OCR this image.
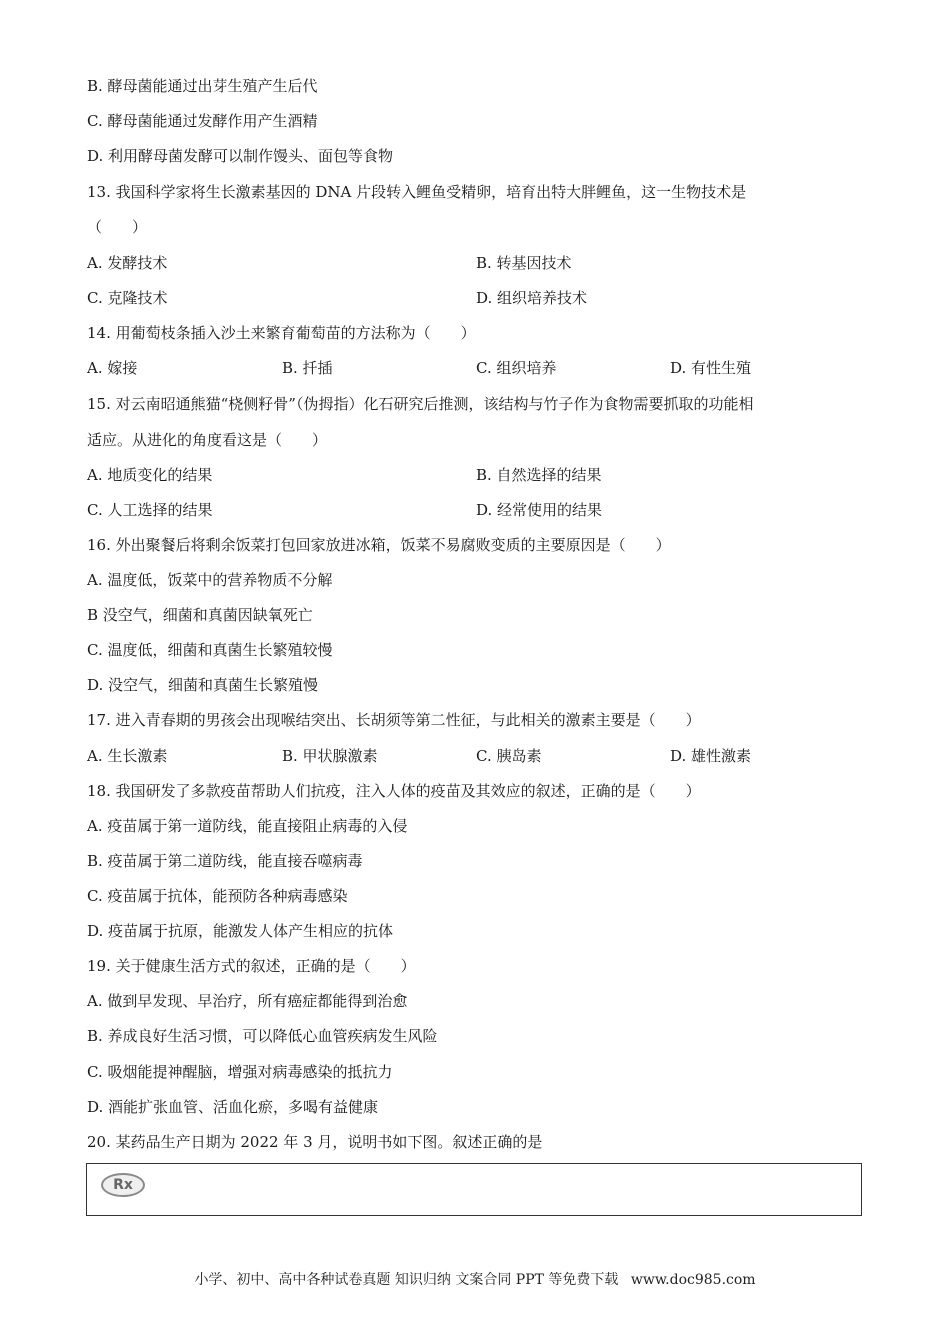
B. 酵母菌能通过出芽生殖产生后代
C. 酵母菌能通过发酵作用产生酒精
D. 利用酵母菌发酵可以制作馒头、面包等食物
13. 我国科学家将生长激素基因的 DNA 片段转入鲤鱼受精卵，培育出特大胖鲤鱼，这一生物技术是
（　　）
A. 发酵技术	B. 转基因技术
C. 克隆技术	D. 组织培养技术
14. 用葡萄枝条插入沙土来繁育葡萄苗的方法称为（　　）
A. 嫁接	B. 扦插	C. 组织培养	D. 有性生殖
15. 对云南昭通熊猫“桡侧籽骨”（伪拇指）化石研究后推测，该结构与竹子作为食物需要抓取的功能相
适应。从进化的角度看这是（　　）
A. 地质变化的结果	B. 自然选择的结果
C. 人工选择的结果	D. 经常使用的结果
16. 外出聚餐后将剩余饭菜打包回家放进冰箱，饭菜不易腐败变质的主要原因是（　　）
A. 温度低，饭菜中的营养物质不分解
B 没空气，细菌和真菌因缺氧死亡
C. 温度低，细菌和真菌生长繁殖较慢
D. 没空气，细菌和真菌生长繁殖慢
17. 进入青春期的男孩会出现喉结突出、长胡须等第二性征，与此相关的激素主要是（　　）
A. 生长激素	B. 甲状腺激素	C. 胰岛素	D. 雄性激素
18. 我国研发了多款疫苗帮助人们抗疫，注入人体的疫苗及其效应的叙述，正确的是（　　）
A. 疫苗属于第一道防线，能直接阻止病毒的入侵
B. 疫苗属于第二道防线，能直接吞噬病毒
C. 疫苗属于抗体，能预防各种病毒感染
D. 疫苗属于抗原，能激发人体产生相应的抗体
19. 关于健康生活方式的叙述，正确的是（　　）
A. 做到早发现、早治疗，所有癌症都能得到治愈
B. 养成良好生活习惯，可以降低心血管疾病发生风险
C. 吸烟能提神醒脑，增强对病毒感染的抵抗力
D. 酒能扩张血管、活血化瘀，多喝有益健康
20. 某药品生产日期为 2022 年 3 月，说明书如下图。叙述正确的是
Rx
小学、初中、高中各种试卷真题 知识归纳 文案合同 PPT 等免费下载 www.doc985.com
